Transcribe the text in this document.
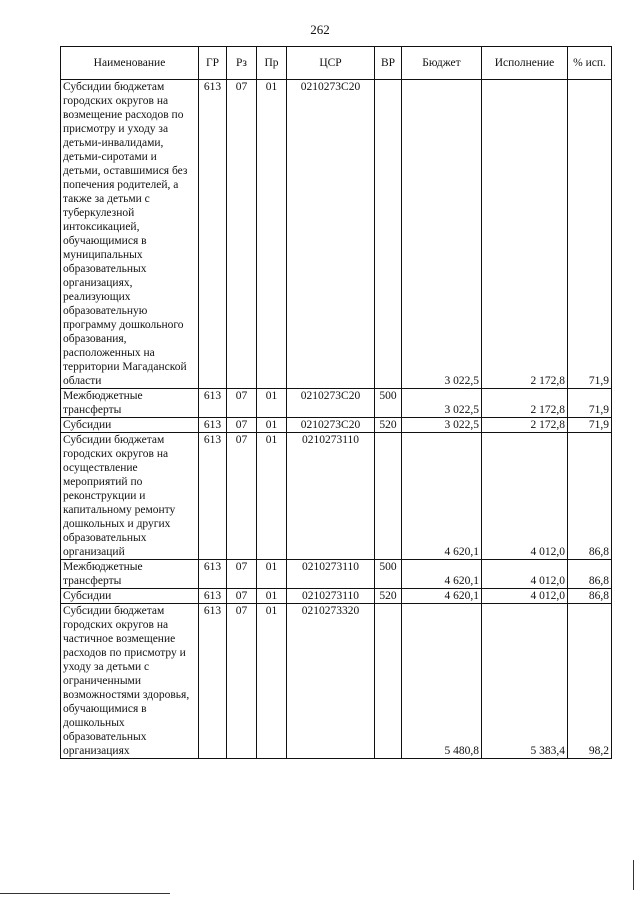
262
Наименование	ГР	Рз	Пр	ЦСР	ВР	Бюджет	Исполнение	% исп.
Субсидии бюджетам городских округов на возмещение расходов по присмотру и уходу за детьми-инвалидами, детьми-сиротами и детьми, оставшимися без попечения родителей, а также за детьми с туберкулезной интоксикацией, обучающимися в муниципальных образовательных организациях, реализующих образовательную программу дошкольного образования, расположенных на территории Магаданской области	613	07	01	0210273С20		3 022,5	2 172,8	71,9
Межбюджетные трансферты	613	07	01	0210273С20	500	3 022,5	2 172,8	71,9
Субсидии	613	07	01	0210273С20	520	3 022,5	2 172,8	71,9
Субсидии бюджетам городских округов на осуществление мероприятий по реконструкции и капитальному ремонту дошкольных и других образовательных организаций	613	07	01	0210273110		4 620,1	4 012,0	86,8
Межбюджетные трансферты	613	07	01	0210273110	500	4 620,1	4 012,0	86,8
Субсидии	613	07	01	0210273110	520	4 620,1	4 012,0	86,8
Субсидии бюджетам городских округов на частичное возмещение расходов по присмотру и уходу за детьми с ограниченными возможностями здоровья, обучающимися в дошкольных образовательных организациях	613	07	01	0210273320		5 480,8	5 383,4	98,2
